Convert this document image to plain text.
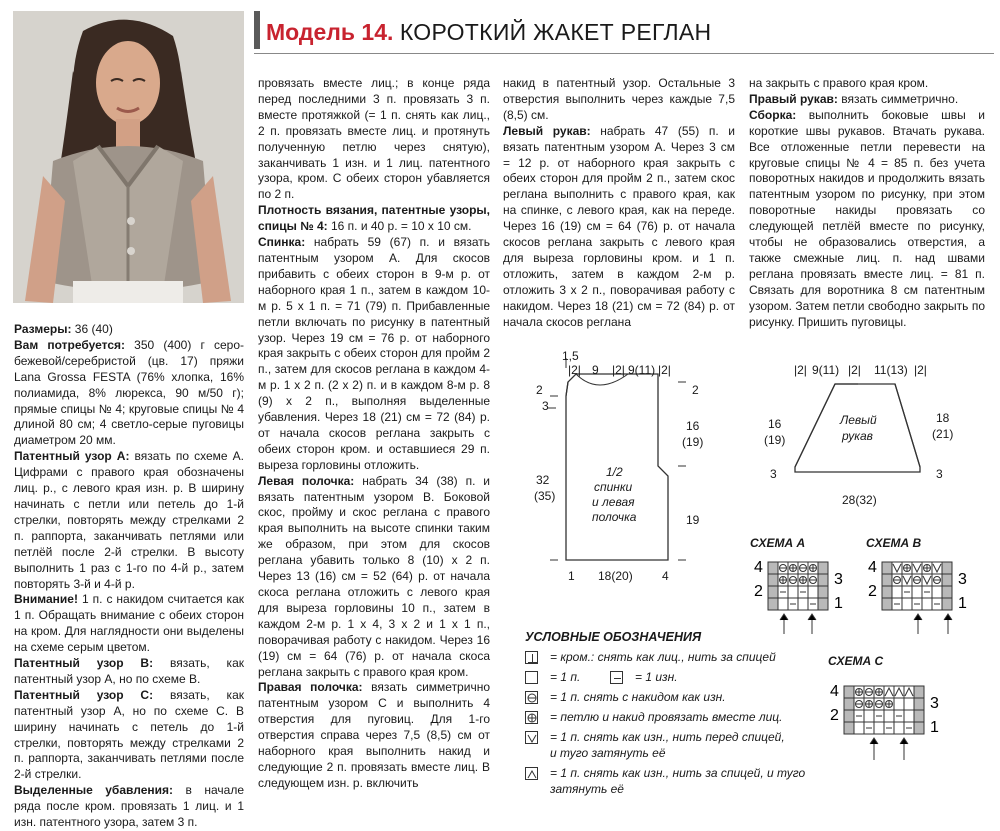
Модель 14. КОРОТКИЙ ЖАКЕТ РЕГЛАН

Размеры: 36 (40)

Вам потребуется: 350 (400) г серо-бежевой/серебристой (цв. 17) пряжи Lana Grossa FESTA (76% хлопка, 16% полиамида, 8% люрекса, 90 м/50 г); прямые спицы № 4; круговые спицы № 4 длиной 80 см; 4 светло-серые пуговицы диаметром 20 мм.

Патентный узор А: вязать по схеме А. Цифрами с правого края обозначены лиц. р., с левого края изн. р. В ширину начинать с петли или петель до 1-й стрелки, повторять между стрелками 2 п. раппорта, заканчивать петлями или петлёй после 2-й стрелки. В высоту выполнить 1 раз с 1-го по 4-й р., затем повторять 3-й и 4-й р.

Внимание! 1 п. с накидом считается как 1 п. Обращать внимание с обеих сторон на кром. Для наглядности они выделены на схеме серым цветом.

Патентный узор В: вязать, как патентный узор А, но по схеме В.

Патентный узор С: вязать, как патентный узор А, но по схеме С. В ширину начинать с петель до 1-й стрелки, повторять между стрелками 2 п. раппорта, заканчивать петлями после 2-й стрелки.

Выделенные убавления: в начале ряда после кром. провязать 1 лиц. и 1 изн. патентного узора, затем 3 п.

провязать вместе лиц.; в конце ряда перед последними 3 п. провязать 3 п. вместе протяжкой (= 1 п. снять как лиц., 2 п. провязать вместе лиц. и протянуть полученную петлю через снятую), заканчивать 1 изн. и 1 лиц. патентного узора, кром. С обеих сторон убавляется по 2 п.

Плотность вязания, патентные узоры, спицы № 4: 16 п. и 40 р. = 10 x 10 см.

Спинка: набрать 59 (67) п. и вязать патентным узором А. Для скосов прибавить с обеих сторон в 9-м р. от наборного края 1 п., затем в каждом 10-м р. 5 x 1 п. = 71 (79) п. Прибавленные петли включать по рисунку в патентный узор. Через 19 см = 76 р. от наборного края закрыть с обеих сторон для пройм 2 п., затем для скосов реглана в каждом 4-м р. 1 x 2 п. (2 x 2) п. и в каждом 8-м р. 8 (9) x 2 п., выполняя выделенные убавления. Через 18 (21) см = 72 (84) р. от начала скосов реглана закрыть с обеих сторон кром. и оставшиеся 29 п. выреза горловины отложить.

Левая полочка: набрать 34 (38) п. и вязать патентным узором В. Боковой скос, пройму и скос реглана с правого края выполнить на высоте спинки таким же образом, при этом для скосов реглана убавить только 8 (10) x 2 п. Через 13 (16) см = 52 (64) р. от начала скоса реглана отложить с левого края для выреза горловины 10 п., затем в каждом 2-м р. 1 x 4, 3 x 2 и 1 x 1 п., поворачивая работу с накидом. Через 16 (19) см = 64 (76) р. от начала скоса реглана закрыть с правого края кром.

Правая полочка: вязать симметрично патентным узором С и выполнить 4 отверстия для пуговиц. Для 1-го отверстия справа через 7,5 (8,5) см от наборного края выполнить накид и следующие 2 п. провязать вместе лиц. В следующем изн. р. включить

накид в патентный узор. Остальные 3 отверстия выполнить через каждые 7,5 (8,5) см.

Левый рукав: набрать 47 (55) п. и вязать патентным узором А. Через 3 см = 12 р. от наборного края закрыть с обеих сторон для пройм 2 п., затем скос реглана выполнить с правого края, как на спинке, с левого края, как на переде. Через 16 (19) см = 64 (76) р. от начала скосов реглана закрыть с левого края для выреза горловины кром. и 1 п. отложить, затем в каждом 2-м р. отложить 3 x 2 п., поворачивая работу с накидом. Через 18 (21) см = 72 (84) р. от начала скосов реглана

на закрыть с правого края кром.

Правый рукав: вязать симметрично.

Сборка: выполнить боковые швы и короткие швы рукавов. Втачать рукава. Все отложенные петли перевести на круговые спицы № 4 = 85 п. без учета поворотных накидов и продолжить вязать патентным узором по рисунку, при этом поворотные накиды провязать со следующей петлёй вместе по рисунку, чтобы не образовались отверстия, а также смежные лиц. п. над швами реглана провязать вместе лиц. = 81 п. Связать для воротника 8 см патентным узором. Затем петли свободно закрыть по рисунку. Пришить пуговицы.

1,5
|2| 9 |2| 9(11) |2|
2
3
2
16
(19)
32
(35)
19
1/2
спинки
и левая
полочка
1 18(20) 4
|2| 9(11) |2| 11(13) |2|
16
(19)
18
(21)
3	3
Левый
рукав
28(32)
СХЕМА А
4
3
2
1
СХЕМА В
4
3
2
1
СХЕМА С
4
3
2
1
УСЛОВНЫЕ ОБОЗНАЧЕНИЯ
= кром.: снять как лиц., нить за спицей
= 1 п.	= 1 изн.
= 1 п. снять с накидом как изн.
= петлю и накид провязать вместе лиц.
= 1 п. снять как изн., нить перед спицей,
и туго затянуть её
= 1 п. снять как изн., нить за спицей, и туго
затянуть её
